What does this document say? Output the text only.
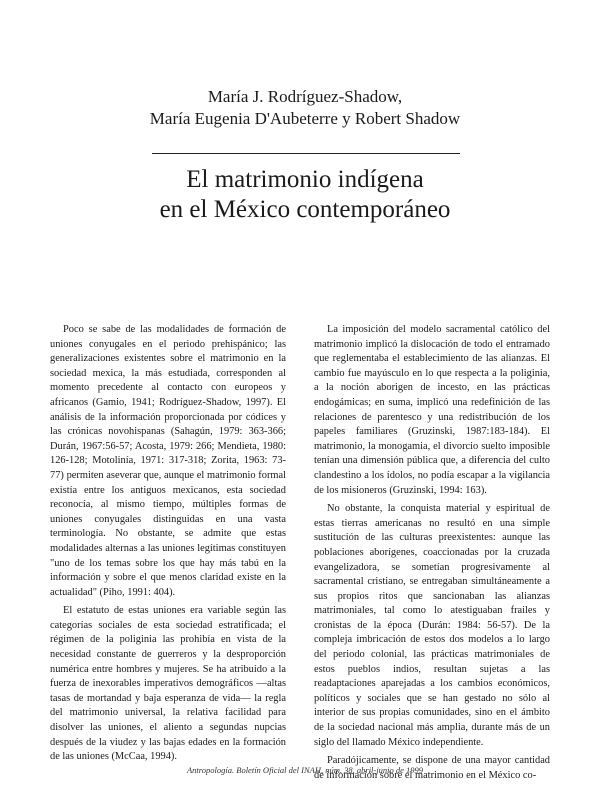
María J. Rodríguez-Shadow,
María Eugenia D'Aubeterre y Robert Shadow
El matrimonio indígena
en el México contemporáneo

Poco se sabe de las modalidades de formación de uniones conyugales en el periodo prehispánico; las generalizaciones existentes sobre el matrimonio en la sociedad mexica, la más estudiada, corresponden al momento precedente al contacto con europeos y africanos (Gamio, 1941; Rodríguez-Shadow, 1997). El análisis de la información proporcionada por códices y las crónicas novohispanas (Sahagún, 1979: 363-366; Durán, 1967:56-57; Acosta, 1979: 266; Mendieta, 1980: 126-128; Motolinía, 1971: 317-318; Zorita, 1963: 73-77) permiten aseverar que, aunque el matrimonio formal existía entre los antiguos mexicanos, esta sociedad reconocía, al mismo tiempo, múltiples formas de uniones conyugales distinguidas en una vasta terminología. No obstante, se admite que estas modalidades alternas a las uniones legítimas constituyen "uno de los temas sobre los que hay más tabú en la información y sobre el que menos claridad existe en la actualidad" (Piho, 1991: 404).

El estatuto de estas uniones era variable según las categorías sociales de esta sociedad estratificada; el régimen de la poliginia las prohibía en vista de la necesidad constante de guerreros y la desproporción numérica entre hombres y mujeres. Se ha atribuido a la fuerza de inexorables imperativos demográficos —altas tasas de mortandad y baja esperanza de vida— la regla del matrimonio universal, la relativa facilidad para disolver las uniones, el aliento a segundas nupcias después de la viudez y las bajas edades en la formación de las uniones (McCaa, 1994).

La imposición del modelo sacramental católico del matrimonio implicó la dislocación de todo el entramado que reglementaba el establecimiento de las alianzas. El cambio fue mayúsculo en lo que respecta a la poliginia, a la noción aborigen de incesto, en las prácticas endogámicas; en suma, implicó una redefinición de las relaciones de parentesco y una redistribución de los papeles familiares (Gruzinski, 1987:183-184). El matrimonio, la monogamia, el divorcio suelto imposible tenían una dimensión pública que, a diferencia del culto clandestino a los ídolos, no podía escapar a la vigilancia de los misioneros (Gruzinski, 1994: 163).

No obstante, la conquista material y espiritual de estas tierras americanas no resultó en una simple sustitución de las culturas preexistentes: aunque las poblaciones aborígenes, coaccionadas por la cruzada evangelizadora, se sometían progresivamente al sacramental cristiano, se entregaban simultáneamente a sus propios ritos que sancionaban las alianzas matrimoniales, tal como lo atestiguaban frailes y cronistas de la época (Durán: 1984: 56-57). De la compleja imbricación de estos dos modelos a lo largo del periodo colonial, las prácticas matrimoniales de estos pueblos indios, resultan sujetas a las readaptaciones aparejadas a los cambios económicos, políticos y sociales que se han gestado no sólo al interior de sus propias comunidades, sino en el ámbito de la sociedad nacional más amplia, durante más de un siglo del llamado México independiente.

Paradójicamente, se dispone de una mayor cantidad de información sobre el matrimonio en el México co-

Antropología. Boletín Oficial del INAH, núm. 38, abril-junio de 1999
